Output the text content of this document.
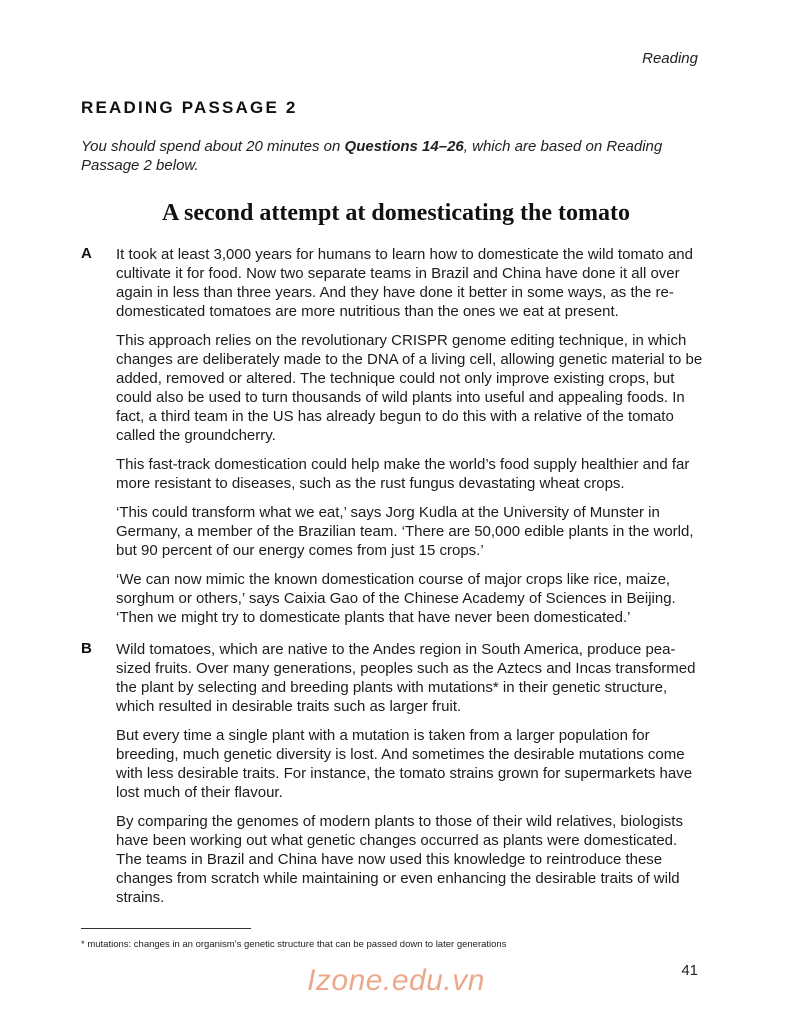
Reading
READING PASSAGE 2
You should spend about 20 minutes on Questions 14–26, which are based on Reading Passage 2 below.
A second attempt at domesticating the tomato
A It took at least 3,000 years for humans to learn how to domesticate the wild tomato and cultivate it for food. Now two separate teams in Brazil and China have done it all over again in less than three years. And they have done it better in some ways, as the re-domesticated tomatoes are more nutritious than the ones we eat at present.

This approach relies on the revolutionary CRISPR genome editing technique, in which changes are deliberately made to the DNA of a living cell, allowing genetic material to be added, removed or altered. The technique could not only improve existing crops, but could also be used to turn thousands of wild plants into useful and appealing foods. In fact, a third team in the US has already begun to do this with a relative of the tomato called the groundcherry.

This fast-track domestication could help make the world’s food supply healthier and far more resistant to diseases, such as the rust fungus devastating wheat crops.

‘This could transform what we eat,’ says Jorg Kudla at the University of Munster in Germany, a member of the Brazilian team. ‘There are 50,000 edible plants in the world, but 90 percent of our energy comes from just 15 crops.’

‘We can now mimic the known domestication course of major crops like rice, maize, sorghum or others,’ says Caixia Gao of the Chinese Academy of Sciences in Beijing. ‘Then we might try to domesticate plants that have never been domesticated.’

B Wild tomatoes, which are native to the Andes region in South America, produce pea-sized fruits. Over many generations, peoples such as the Aztecs and Incas transformed the plant by selecting and breeding plants with mutations* in their genetic structure, which resulted in desirable traits such as larger fruit.

But every time a single plant with a mutation is taken from a larger population for breeding, much genetic diversity is lost. And sometimes the desirable mutations come with less desirable traits. For instance, the tomato strains grown for supermarkets have lost much of their flavour.

By comparing the genomes of modern plants to those of their wild relatives, biologists have been working out what genetic changes occurred as plants were domesticated. The teams in Brazil and China have now used this knowledge to reintroduce these changes from scratch while maintaining or even enhancing the desirable traits of wild strains.

* mutations: changes in an organism’s genetic structure that can be passed down to later generations
41
Izone.edu.vn
